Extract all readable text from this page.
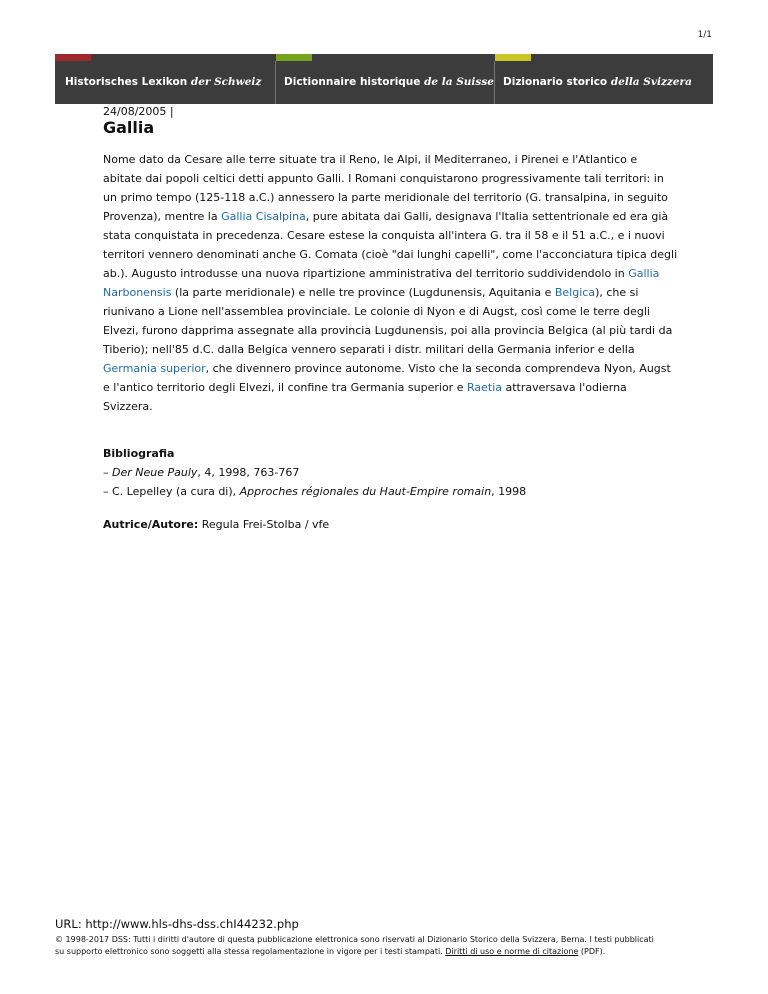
1/1
Historisches Lexikon der Schweiz Dictionnaire historique de la Suisse Dizionario storico della Svizzera
24/08/2005 |
Gallia

Nome dato da Cesare alle terre situate tra il Reno, le Alpi, il Mediterraneo, i Pirenei e l'Atlantico e abitate dai popoli celtici detti appunto Galli. I Romani conquistarono progressivamente tali territori: in un primo tempo (125-118 a.C.) annessero la parte meridionale del territorio (G. transalpina, in seguito Provenza), mentre la Gallia Cisalpina, pure abitata dai Galli, designava l'Italia settentrionale ed era già stata conquistata in precedenza. Cesare estese la conquista all'intera G. tra il 58 e il 51 a.C., e i nuovi territori vennero denominati anche G. Comata (cioè "dai lunghi capelli", come l'acconciatura tipica degli ab.). Augusto introdusse una nuova ripartizione amministrativa del territorio suddividendolo in Gallia Narbonensis (la parte meridionale) e nelle tre province (Lugdunensis, Aquitania e Belgica), che si riunivano a Lione nell'assemblea provinciale. Le colonie di Nyon e di Augst, così come le terre degli Elvezi, furono dapprima assegnate alla provincia Lugdunensis, poi alla provincia Belgica (al più tardi da Tiberio); nell'85 d.C. dalla Belgica vennero separati i distr. militari della Germania inferior e della Germania superior, che divennero province autonome. Visto che la seconda comprendeva Nyon, Augst e l'antico territorio degli Elvezi, il confine tra Germania superior e Raetia attraversava l'odierna Svizzera.

Bibliografia
– Der Neue Pauly, 4, 1998, 763-767
– C. Lepelley (a cura di), Approches régionales du Haut-Empire romain, 1998
Autrice/Autore: Regula Frei-Stolba / vfe
URL: http://www.hls-dhs-dss.chI44232.php
© 1998-2017 DSS: Tutti i diritti d'autore di questa pubblicazione elettronica sono riservati al Dizionario Storico della Svizzera, Berna. I testi pubblicati su supporto elettronico sono soggetti alla stessa regolamentazione in vigore per i testi stampati. Diritti di uso e norme di citazione (PDF).
